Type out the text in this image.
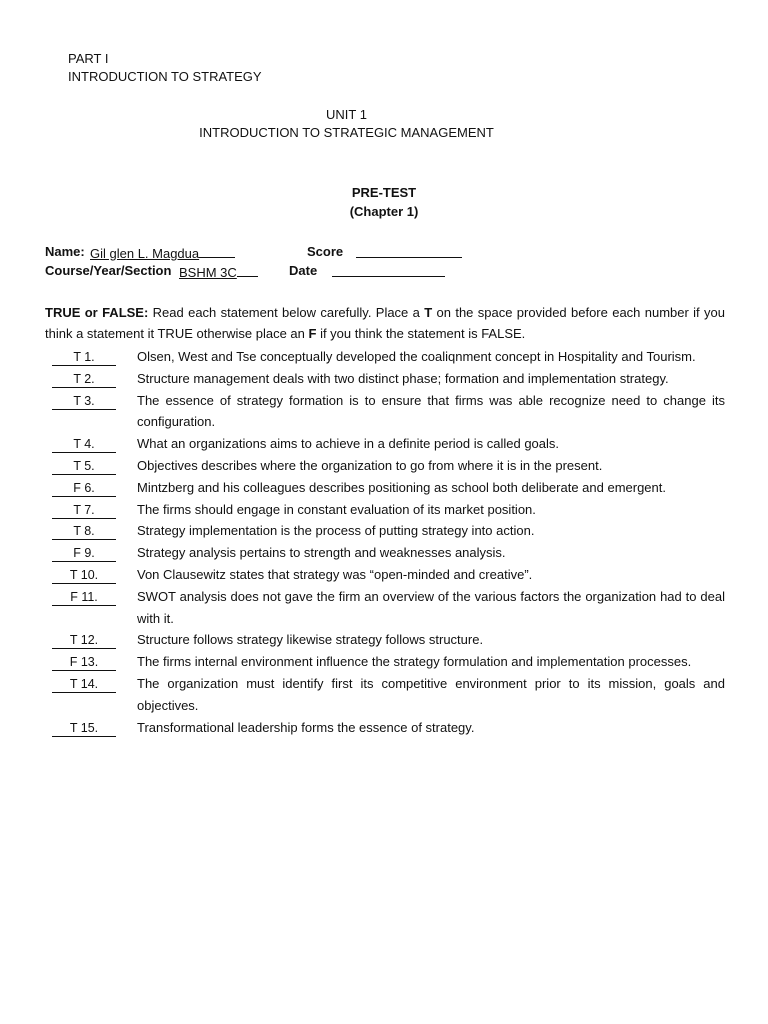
PART I
INTRODUCTION TO STRATEGY
UNIT 1
INTRODUCTION TO STRATEGIC MANAGEMENT
PRE-TEST
(Chapter 1)
Name: Gil glen L. Magdua	Score
Course/Year/Section BSHM 3C	Date
TRUE or FALSE: Read each statement below carefully. Place a T on the space provided before each number if you think a statement it TRUE otherwise place an F if you think the statement is FALSE.
T 1.	Olsen, West and Tse conceptually developed the coaliqnment concept in Hospitality and Tourism.
T 2.	Structure management deals with two distinct phase; formation and implementation strategy.
T 3.	The essence of strategy formation is to ensure that firms was able recognize need to change its configuration.
T 4.	What an organizations aims to achieve in a definite period is called goals.
T 5.	Objectives describes where the organization to go from where it is in the present.
F 6.	Mintzberg and his colleagues describes positioning as school both deliberate and emergent.
T 7.	The firms should engage in constant evaluation of its market position.
T 8.	Strategy implementation is the process of putting strategy into action.
F 9.	Strategy analysis pertains to strength and weaknesses analysis.
T 10.	Von Clausewitz states that strategy was “open-minded and creative”.
F 11.	SWOT analysis does not gave the firm an overview of the various factors the organization had to deal with it.
T 12.	Structure follows strategy likewise strategy follows structure.
F 13.	The firms internal environment influence the strategy formulation and implementation processes.
T 14.	The organization must identify first its competitive environment prior to its mission, goals and objectives.
T 15.	Transformational leadership forms the essence of strategy.
